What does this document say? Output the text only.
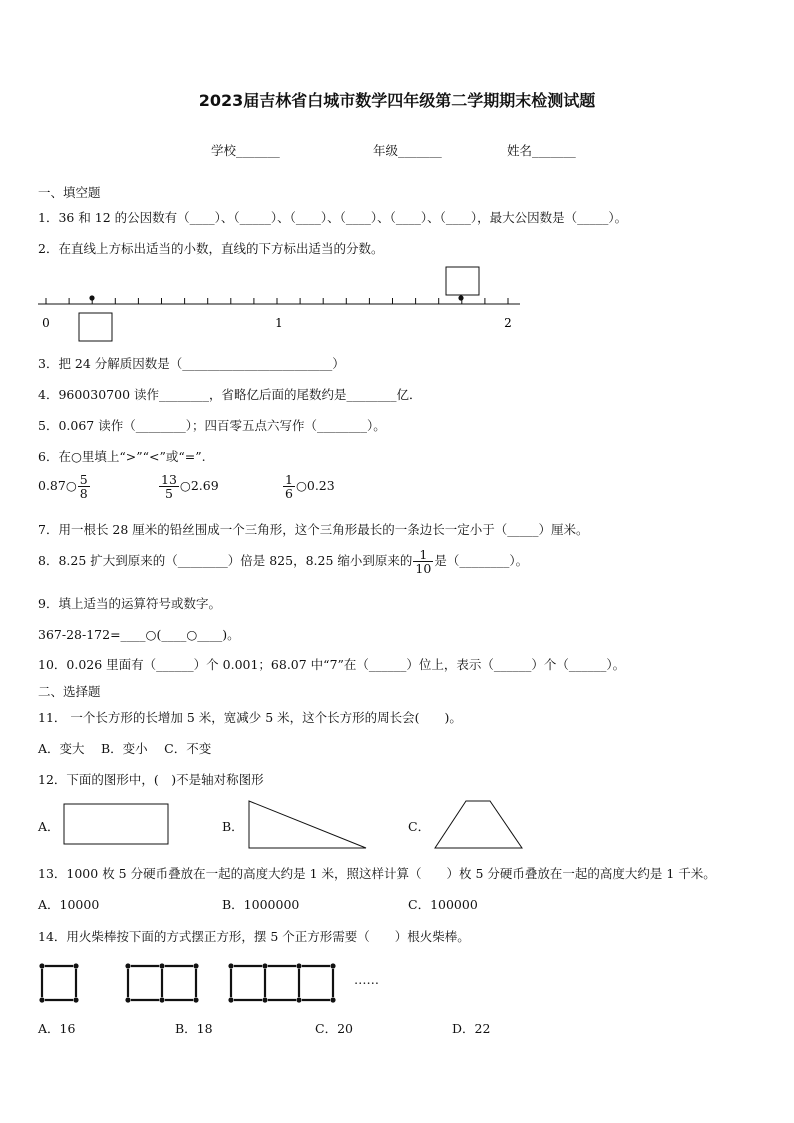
2023届吉林省白城市数学四年级第二学期期末检测试题
学校_______	年级_______	姓名_______
一、填空题
1．36 和 12 的公因数有（____）、（_____）、（____）、（____）、（____）、（____），最大公因数是（_____）。
2．在直线上方标出适当的小数，直线的下方标出适当的分数。
0	1	2
3．把 24 分解质因数是（________________________）
4．960030700 读作________，省略亿后面的尾数约是________亿．
5．0.067 读作（________）；四百零五点六写作（________）。
6．在○里填上“>”“<”或“=”.
0.87○ $\frac{5}{8}$	$\frac{13}{5}$ ○2.69	$\frac{1}{6}$ ○0.23
7．用一根长 28 厘米的铅丝围成一个三角形，这个三角形最长的一条边长一定小于（_____）厘米。
8．8.25 扩大到原来的（________）倍是 825，8.25 缩小到原来的 $\frac{1}{10}$ 是（________）。
9．填上适当的运算符号或数字。
367-28-172=____○(____○____)。
10．0.026 里面有（______）个 0.001；68.07 中“7”在（______）位上，表示（______）个（______）。
二、选择题
11． 一个长方形的长增加 5 米，宽减少 5 米，这个长方形的周长会(　　)。
A．变大　 B．变小　 C．不变
12．下面的图形中，(　)不是轴对称图形
A．	B．	C．
13．1000 枚 5 分硬币叠放在一起的高度大约是 1 米，照这样计算（　　）枚 5 分硬币叠放在一起的高度大约是 1 千米。
A．10000	B．1000000	C．100000
14．用火柴棒按下面的方式摆正方形，摆 5 个正方形需要（　　）根火柴棒。
……
A．16	B．18	C．20	D．22
